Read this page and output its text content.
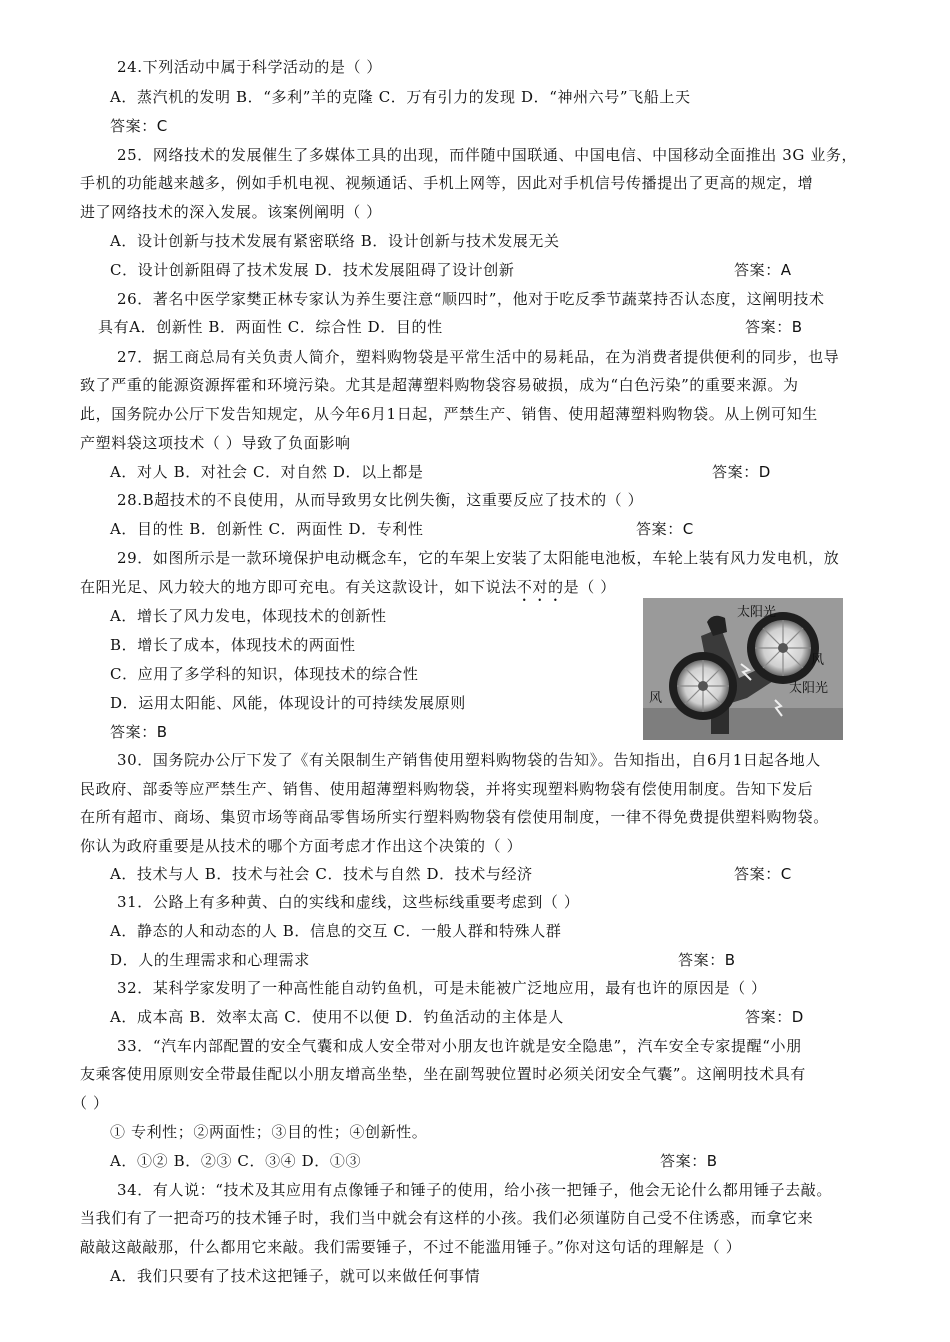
24.下列活动中属于科学活动的是（ ）
A．蒸汽机的发明 B．“多利”羊的克隆 C．万有引力的发现 D．“神州六号”飞船上天
答案：C
25．网络技术的发展催生了多媒体工具的出现，而伴随中国联通、中国电信、中国移动全面推出 3G 业务，
手机的功能越来越多，例如手机电视、视频通话、手机上网等，因此对手机信号传播提出了更高的规定，增
进了网络技术的深入发展。该案例阐明（ ）
A．设计创新与技术发展有紧密联络 B．设计创新与技术发展无关
C．设计创新阻碍了技术发展 D．技术发展阻碍了设计创新	答案：A
26．著名中医学家樊正林专家认为养生要注意“顺四时”，他对于吃反季节蔬菜持否认态度，这阐明技术
具有A．创新性 B．两面性 C．综合性 D．目的性	答案：B
27．据工商总局有关负责人简介，塑料购物袋是平常生活中的易耗品，在为消费者提供便利的同步，也导
致了严重的能源资源挥霍和环境污染。尤其是超薄塑料购物袋容易破损，成为“白色污染”的重要来源。为
此，国务院办公厅下发告知规定，从今年6月1日起，严禁生产、销售、使用超薄塑料购物袋。从上例可知生
产塑料袋这项技术（ ）导致了负面影响
A．对人 B．对社会 C．对自然 D．以上都是	答案：D
28.B超技术的不良使用，从而导致男女比例失衡，这重要反应了技术的（ ）
A．目的性 B．创新性 C．两面性 D．专利性	答案：C
29．如图所示是一款环境保护电动概念车，它的车架上安装了太阳能电池板，车轮上装有风力发电机，放
在阳光足、风力较大的地方即可充电。有关这款设计，如下说法不对的是（ ）
A．增长了风力发电，体现技术的创新性
B．增长了成本，体现技术的两面性
C．应用了多学科的知识，体现技术的综合性
D．运用太阳能、风能，体现设计的可持续发展原则
答案：B
太阳光
风
风
太阳光
30．国务院办公厅下发了《有关限制生产销售使用塑料购物袋的告知》。告知指出，自6月1日起各地人
民政府、部委等应严禁生产、销售、使用超薄塑料购物袋，并将实现塑料购物袋有偿使用制度。告知下发后
在所有超市、商场、集贸市场等商品零售场所实行塑料购物袋有偿使用制度，一律不得免费提供塑料购物袋。
你认为政府重要是从技术的哪个方面考虑才作出这个决策的（ ）
A．技术与人 B．技术与社会 C．技术与自然 D．技术与经济	答案：C
31．公路上有多种黄、白的实线和虚线，这些标线重要考虑到（ ）
A．静态的人和动态的人 B．信息的交互 C．一般人群和特殊人群
D．人的生理需求和心理需求	答案：B
32．某科学家发明了一种高性能自动钓鱼机，可是未能被广泛地应用，最有也许的原因是（ ）
A．成本高 B．效率太高 C．使用不以便 D．钓鱼活动的主体是人	答案：D
33．“汽车内部配置的安全气囊和成人安全带对小朋友也许就是安全隐患”，汽车安全专家提醒“小朋
友乘客使用原则安全带最佳配以小朋友增高坐垫，坐在副驾驶位置时必须关闭安全气囊”。这阐明技术具有
（ ）
① 专利性；②两面性；③目的性；④创新性。
A．①② B．②③ C．③④ D．①③	答案：B
34．有人说：“技术及其应用有点像锤子和锤子的使用，给小孩一把锤子，他会无论什么都用锤子去敲。
当我们有了一把奇巧的技术锤子时，我们当中就会有这样的小孩。我们必须谨防自己受不住诱惑，而拿它来
敲敲这敲敲那，什么都用它来敲。我们需要锤子，不过不能滥用锤子。”你对这句话的理解是（ ）
A．我们只要有了技术这把锤子，就可以来做任何事情
